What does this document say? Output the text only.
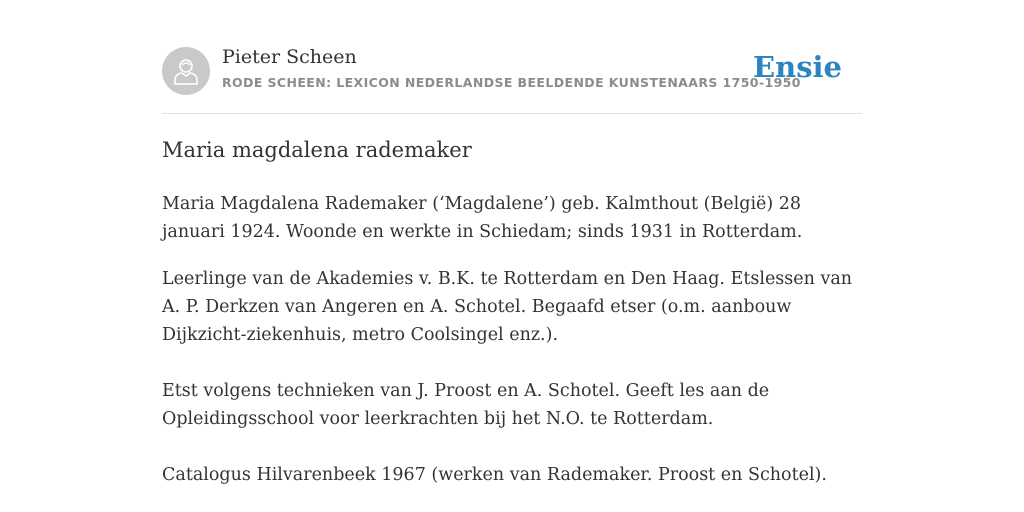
Pieter Scheen
RODE SCHEEN: LEXICON NEDERLANDSE BEELDENDE KUNSTENAARS 1750-1950
Ensie
Maria magdalena rademaker

Maria Magdalena Rademaker (‘Magdalene’) geb. Kalmthout (België) 28 januari 1924. Woonde en werkte in Schiedam; sinds 1931 in Rotterdam.

Leerlinge van de Akademies v. B.K. te Rotterdam en Den Haag. Etslessen van A. P. Derkzen van Angeren en A. Schotel. Begaafd etser (o.m. aanbouw Dijkzicht-ziekenhuis, metro Coolsingel enz.).

Etst volgens technieken van J. Proost en A. Schotel. Geeft les aan de Opleidingsschool voor leerkrachten bij het N.O. te Rotterdam.

Catalogus Hilvarenbeek 1967 (werken van Rademaker. Proost en Schotel).
